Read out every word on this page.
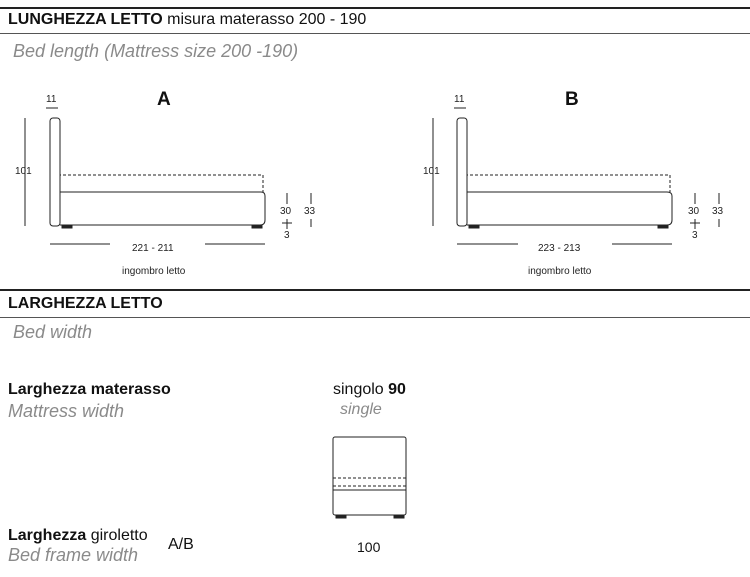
LUNGHEZZA LETTO misura materasso 200 - 190
Bed length (Mattress size 200 -190)
A
11
101
30
3
33
221 - 211
ingombro letto
B
11
101
30
3
33
223 - 213
ingombro letto
LARGHEZZA LETTO
Bed width
Larghezza materasso
Mattress width
singolo 90
single
Larghezza giroletto
A/B
Bed frame width	100
